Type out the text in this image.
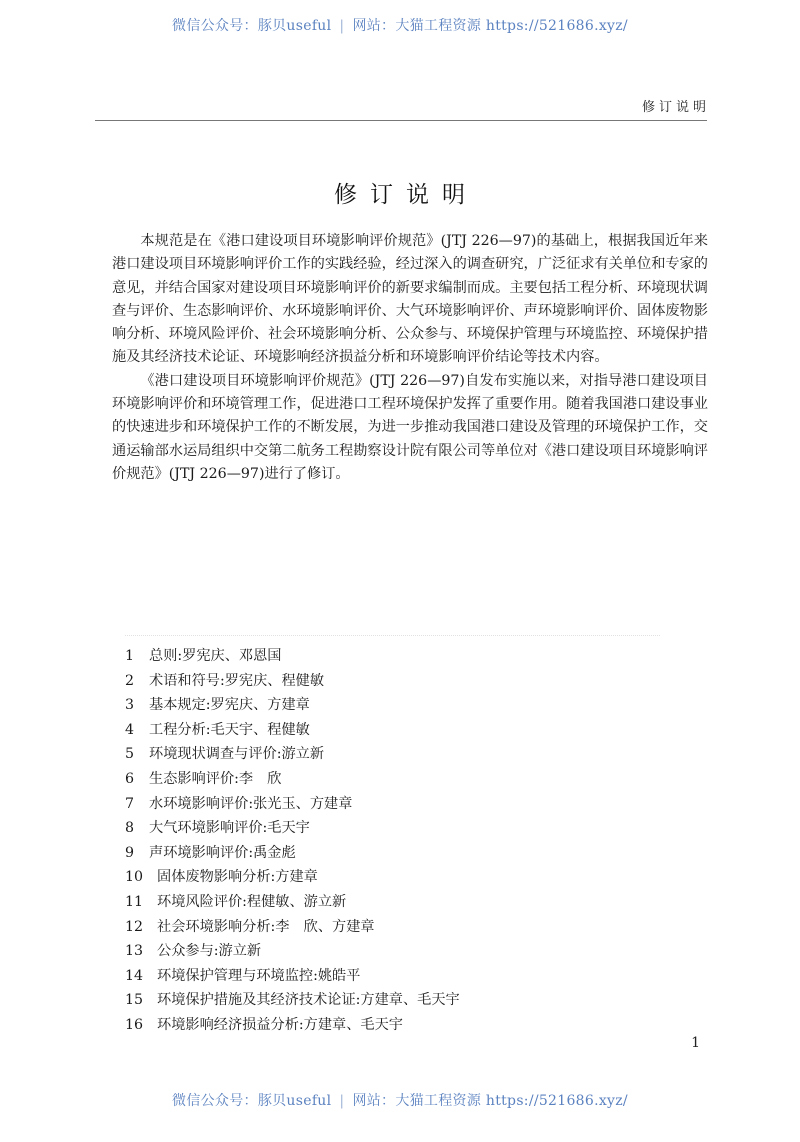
微信公众号：豚贝useful | 网站：大猫工程资源 https://521686.xyz/
修订说明
修订说明

本规范是在《港口建设项目环境影响评价规范》(JTJ 226—97)的基础上，根据我国近年来港口建设项目环境影响评价工作的实践经验，经过深入的调查研究，广泛征求有关单位和专家的意见，并结合国家对建设项目环境影响评价的新要求编制而成。主要包括工程分析、环境现状调查与评价、生态影响评价、水环境影响评价、大气环境影响评价、声环境影响评价、固体废物影响分析、环境风险评价、社会环境影响分析、公众参与、环境保护管理与环境监控、环境保护措施及其经济技术论证、环境影响经济损益分析和环境影响评价结论等技术内容。

《港口建设项目环境影响评价规范》(JTJ 226—97)自发布实施以来，对指导港口建设项目环境影响评价和环境管理工作，促进港口工程环境保护发挥了重要作用。随着我国港口建设事业的快速进步和环境保护工作的不断发展，为进一步推动我国港口建设及管理的环境保护工作，交通运输部水运局组织中交第二航务工程勘察设计院有限公司等单位对《港口建设项目环境影响评价规范》(JTJ 226—97)进行了修订。

1 总则:罗宪庆、邓恩国
2 术语和符号:罗宪庆、程健敏
3 基本规定:罗宪庆、方建章
4 工程分析:毛天宇、程健敏
5 环境现状调查与评价:游立新
6 生态影响评价:李　欣
7 水环境影响评价:张光玉、方建章
8 大气环境影响评价:毛天宇
9 声环境影响评价:禹金彪
10 固体废物影响分析:方建章
11 环境风险评价:程健敏、游立新
12 社会环境影响分析:李　欣、方建章
13 公众参与:游立新
14 环境保护管理与环境监控:姚皓平
15 环境保护措施及其经济技术论证:方建章、毛天宇
16 环境影响经济损益分析:方建章、毛天宇
1
微信公众号：豚贝useful | 网站：大猫工程资源 https://521686.xyz/
